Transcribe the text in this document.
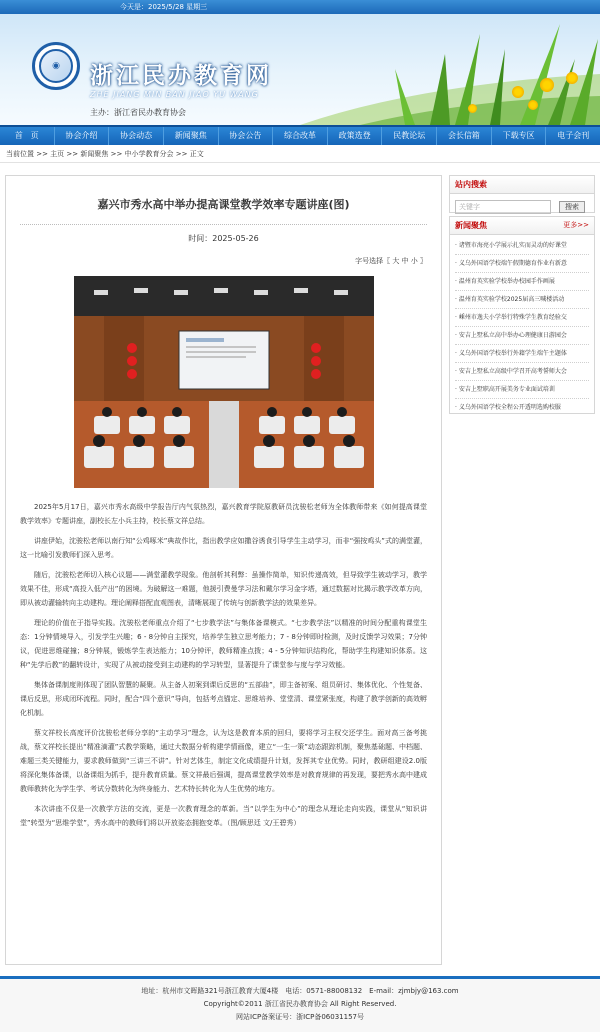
今天是：2025/5/28 星期三
◉	浙江民办教育网
ZHE JIANG MIN BAN JIAO YU WANG
主办：浙江省民办教育协会
首　页	协会介绍	协会动态	新闻聚焦	协会公告	综合改革	政策选登	民教论坛	会长信箱	下载专区	电子会刊
当前位置 >> 主页 >> 新闻聚焦 >> 中小学教育分会 >> 正文
嘉兴市秀水高中举办提高课堂教学效率专题讲座(图)
时间：2025-05-26
字号选择〖 大 中 小 〗

2025年5月17日，嘉兴市秀水高级中学报告厅内气氛热烈，嘉兴教育学院原教研员沈骏松老师为全体教师带来《如何提高课堂教学效率》专题讲座，副校长左小兵主持，校长蔡文祥总结。

讲座伊始，沈骏松老师以南行知“公鸡啄米”典故作比，指出教学应如撒谷诱食引导学生主动学习，而非“强按鸡头”式的满堂灌，这一比喻引发教师们深入思考。

随后，沈骏松老师切入核心议题——满堂灌教学现象。他剖析其利弊：虽操作简单，知识传递高效，但导致学生被动学习，教学效果不佳，形成“高投入低产出”的困境。为破解这一难题，他援引费曼学习法和戴尔学习金字塔，通过数据对比揭示教学改革方向，即从被动灌输转向主动建构。理论阐释搭配直观图表，清晰展现了传统与创新教学法的效果差异。

理论的价值在于指导实践。沈骏松老师重点介绍了“七步教学法”与集体备课模式。“七步教学法”以精准的时间分配重构课堂生态：1分钟情境导入，引发学生兴趣；6 - 8分钟自主探究，培养学生独立思考能力；7 - 8分钟即时检测，及时反馈学习效果；7分钟议，促进思维碰撞；8分钟展，锻炼学生表达能力；10分钟评，教师精准点拨；4 - 5分钟知识结构化，帮助学生构建知识体系。这种“先学后教”的翻转设计，实现了从被动接受到主动建构的学习转型，显著提升了课堂参与度与学习效能。

集体备课制度则体现了团队智慧的凝聚。从主备人初案到课后反思的“五部曲”，即主备初案、组员研讨、集体优化、个性复备、课后反思，形成闭环流程。同时，配合“四个意识”导向，包括考点锚定、思维培养、堂堂清、课堂紧张度，构建了教学创新的高效孵化机制。

蔡文祥校长高度评价沈骏松老师分享的“主动学习”理念，认为这是教育本质的回归，要将学习主权交还学生。面对高三备考挑战，蔡文祥校长提出“精准滴灌”式教学策略，通过大数据分析构建学情画像，建立“一生一策”动态跟踪机制，聚焦基础题、中档题、难题三类关键能力，要求教师做到“三讲三不讲”。针对艺体生，制定文化成绩提升计划，发挥其专业优势。同时，教研组建设2.0版将深化集体备课，以备课组为抓手，提升教育质量。蔡文祥最后强调，提高课堂教学效率是对教育规律的再发现，要把秀水高中建成教师教转化为学生学、考试分数转化为终身能力、艺术特长转化为人生优势的地方。

本次讲座不仅是一次教学方法的交流，更是一次教育理念的革新。当“以学生为中心”的理念从理论走向实践，课堂从“知识讲堂”转型为“思维学堂”，秀水高中的教师们将以开放姿态拥抱变革。（图/顾思廷 文/王碧秀）

站内搜索
关键字	搜索
新闻聚焦	更多>>
· 诸暨市海亮小学展示扎实而灵动的好课堂
· 义乌外国语学校端午假期德育作业有新意
· 温州育英实验学校举办校园手作画展
· 温州育英实验学校2025届高三喊楼活动
· 嵊州市逸夫小学举行特殊学生教育经验交
· 安吉上墅私立高中举办心理健康日游园会
· 义乌外国语学校举行外籍学生端午主题体
· 安吉上墅私立高级中学召开高考誓师大会
· 安吉上墅职高开展美务专业面试培训
· 义乌外国语学校全程公开透明选购校服
地址：杭州市文晖路321号浙江教育大厦4楼　电话：0571-88008132　E-mail：zjmbjy@163.com
Copyright©2011 浙江省民办教育协会 All Right Reserved.
网站ICP备案证号：浙ICP备06031157号
